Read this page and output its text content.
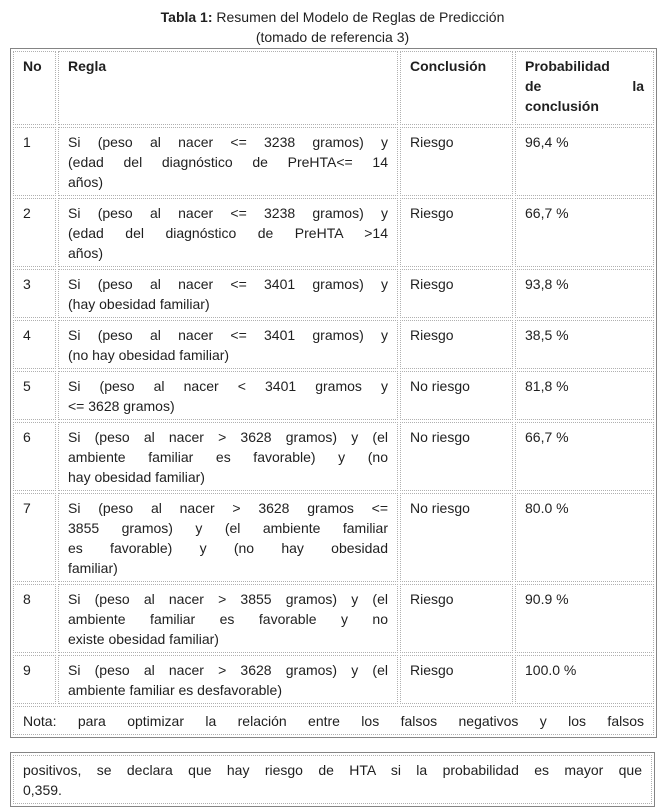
Tabla 1: Resumen del Modelo de Reglas de Predicción
(tomado de referencia 3)
No	Regla	Conclusión	Probabilidad
de la
conclusión

1	Si (peso al nacer <= 3238 gramos) y
(edad del diagnóstico de PreHTA<= 14
años)	Riesgo	96,4 %
2	Si (peso al nacer <= 3238 gramos) y
(edad del diagnóstico de PreHTA >14
años)	Riesgo	66,7 %
3	Si (peso al nacer <= 3401 gramos) y
(hay obesidad familiar)	Riesgo	93,8 %
4	Si (peso al nacer <= 3401 gramos) y
(no hay obesidad familiar)	Riesgo	38,5 %
5	Si (peso al nacer < 3401 gramos y
<= 3628 gramos)	No riesgo	81,8 %
6	Si (peso al nacer > 3628 gramos) y (el
ambiente familiar es favorable) y (no
hay obesidad familiar)	No riesgo	66,7 %
7	Si (peso al nacer > 3628 gramos <=
3855 gramos) y (el ambiente familiar
es favorable) y (no hay obesidad
familiar)	No riesgo	80.0 %
8	Si (peso al nacer > 3855 gramos) y (el
ambiente familiar es favorable y no
existe obesidad familiar)	Riesgo	90.9 %
9	Si (peso al nacer > 3628 gramos) y (el
ambiente familiar es desfavorable)	Riesgo	100.0 %

Nota: para optimizar la relación entre los falsos negativos y los falsos			
positivos, se declara que hay riesgo de HTA si la probabilidad es mayor que
0,359.
